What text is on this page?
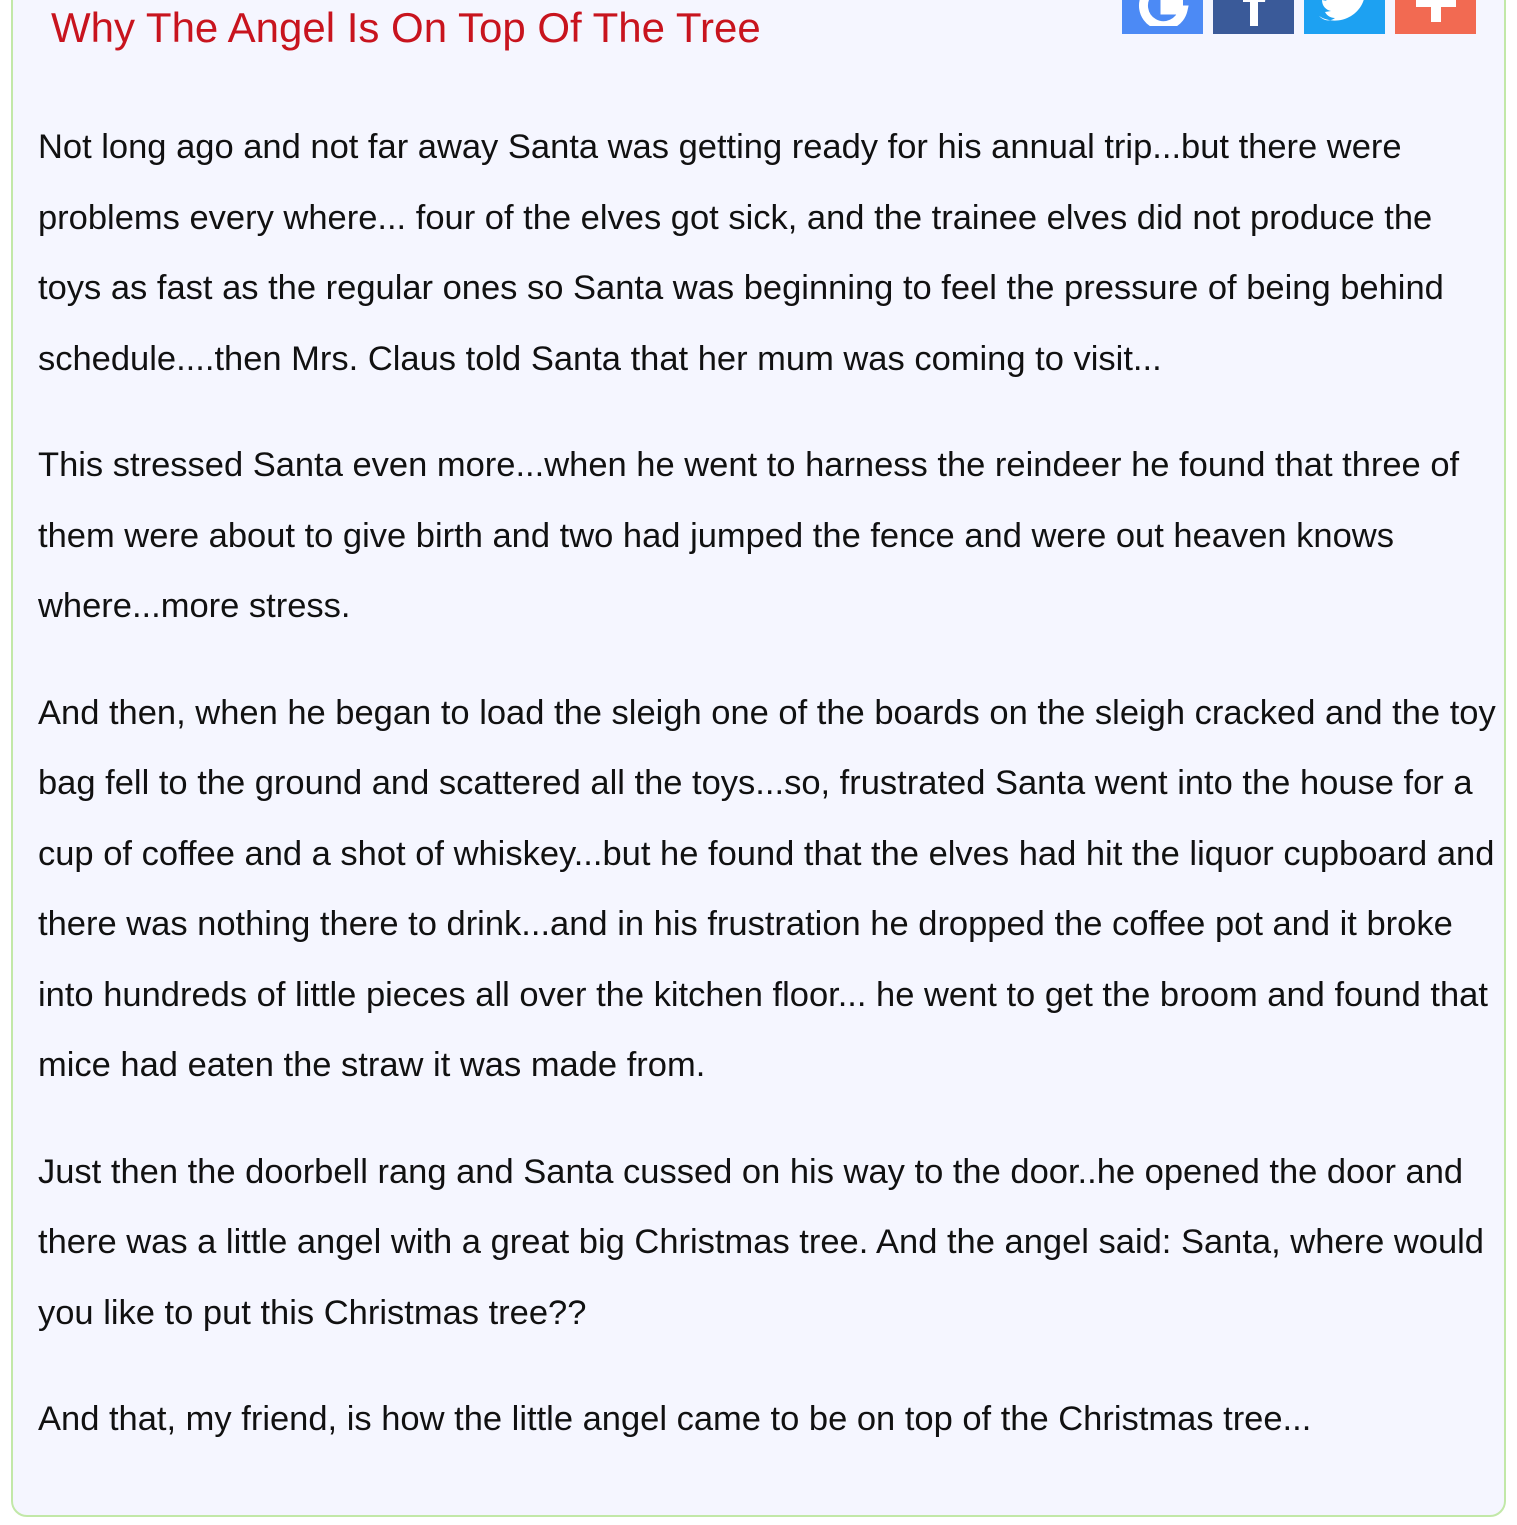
Why The Angel Is On Top Of The Tree

Not long ago and not far away Santa was getting ready for his annual trip...but there were problems every where... four of the elves got sick, and the trainee elves did not produce the toys as fast as the regular ones so Santa was beginning to feel the pressure of being behind schedule....then Mrs. Claus told Santa that her mum was coming to visit...

This stressed Santa even more...when he went to harness the reindeer he found that three of them were about to give birth and two had jumped the fence and were out heaven knows where...more stress.

And then, when he began to load the sleigh one of the boards on the sleigh cracked and the toy bag fell to the ground and scattered all the toys...so, frustrated Santa went into the house for a cup of coffee and a shot of whiskey...but he found that the elves had hit the liquor cupboard and there was nothing there to drink...and in his frustration he dropped the coffee pot and it broke into hundreds of little pieces all over the kitchen floor... he went to get the broom and found that mice had eaten the straw it was made from.

Just then the doorbell rang and Santa cussed on his way to the door..he opened the door and there was a little angel with a great big Christmas tree. And the angel said: Santa, where would you like to put this Christmas tree??

And that, my friend, is how the little angel came to be on top of the Christmas tree...
